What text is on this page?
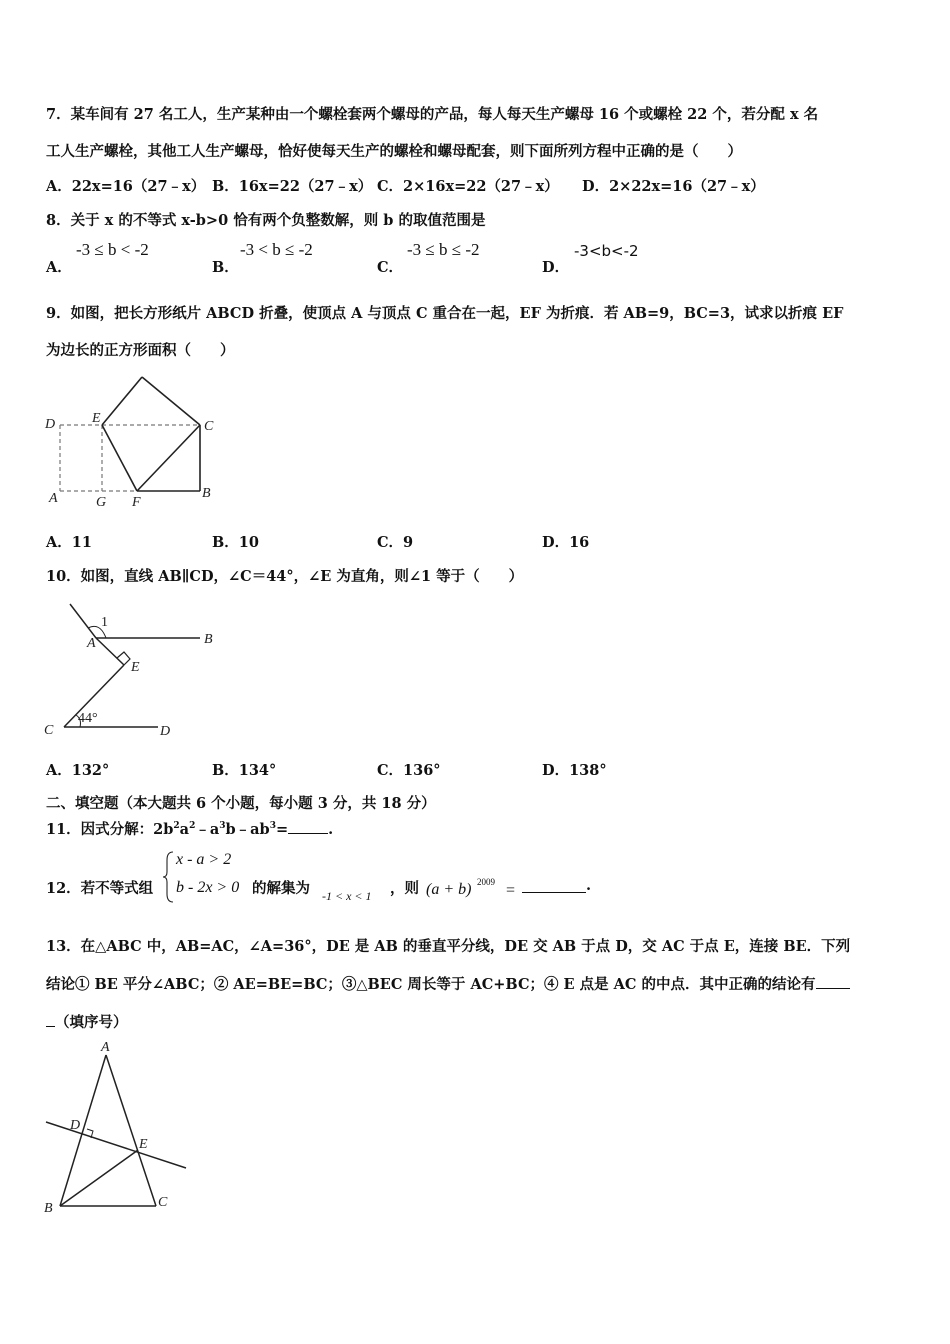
7．某车间有 27 名工人，生产某种由一个螺栓套两个螺母的产品，每人每天生产螺母 16 个或螺栓 22 个，若分配 x 名
工人生产螺栓，其他工人生产螺母，恰好使每天生产的螺栓和螺母配套，则下面所列方程中正确的是（　　）
A．22x=16（27﹣x） B．16x=22（27﹣x） C．2×16x=22（27﹣x） D．2×22x=16（27﹣x）
8．关于 x 的不等式 x-b>0 恰有两个负整数解，则 b 的取值范围是
A．
-3 ≤ b < -2
B．
-3 < b ≤ -2
C．
-3 ≤ b ≤ -2
D．
-3<b<-2
9．如图，把长方形纸片 ABCD 折叠，使顶点 A 与顶点 C 重合在一起，EF 为折痕．若 AB=9，BC=3，试求以折痕 EF
为边长的正方形面积（　　）
D	E
C
A	G F
B
A．11	B．10	C．9	D．16
10．如图，直线 AB∥CD，∠C＝44°，∠E 为直角，则∠1 等于（　　）
1
A	B
E
C
44°
D
A．132°	B．134°	C．136°	D．138°
二、填空题（本大题共 6 个小题，每小题 3 分，共 18 分）
11．因式分解：$2b^2a^2﹣a^3b﹣ab^3=$	.
12．若不等式组
x - a > 2
b - 2x > 0 的解集为 -1 < x < 1 ，则 (a + b) 2009 =	.
13．在△ABC 中，AB=AC，∠A=36°，DE 是 AB 的垂直平分线，DE 交 AB 于点 D，交 AC 于点 E，连接 BE．下列
结论① BE 平分∠ABC；② AE=BE=BC；③△BEC 周长等于 AC+BC；④ E 点是 AC 的中点．其中正确的结论有
（填序号）
A
D
E
B	C
